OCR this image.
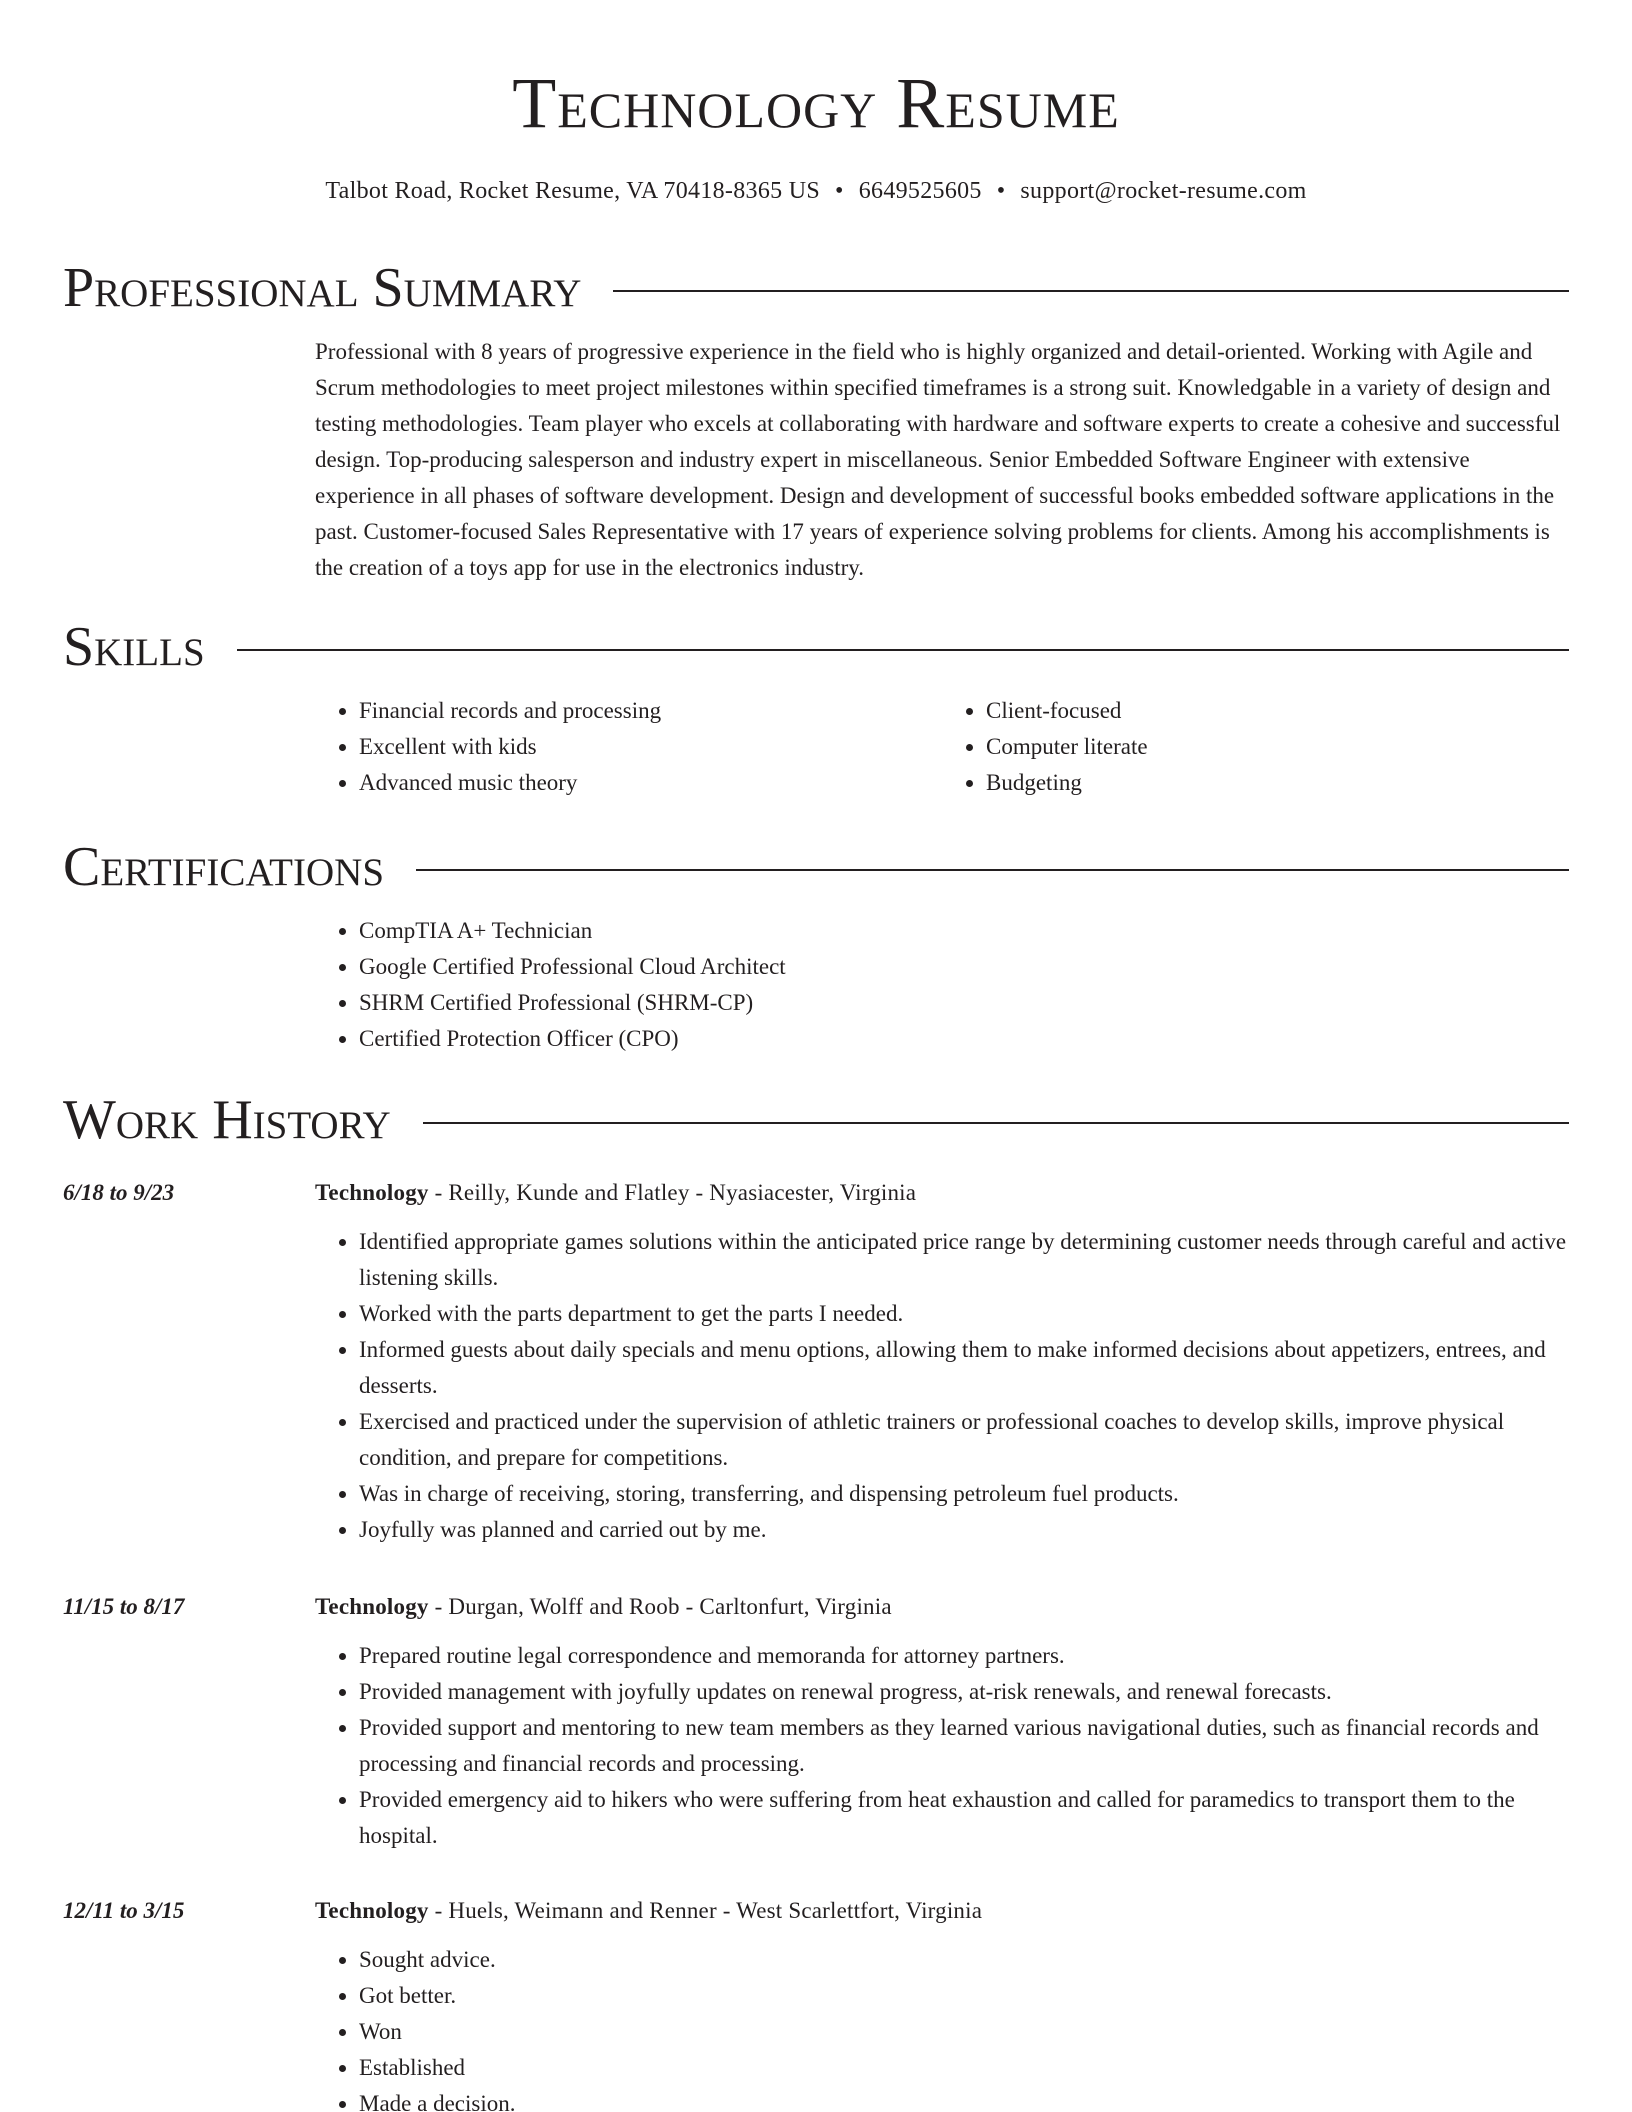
Technology Resume
Talbot Road, Rocket Resume, VA 70418-8365 US • 6649525605 • support@rocket-resume.com
Professional Summary

Professional with 8 years of progressive experience in the field who is highly organized and detail-oriented. Working with Agile and Scrum methodologies to meet project milestones within specified timeframes is a strong suit. Knowledgable in a variety of design and testing methodologies. Team player who excels at collaborating with hardware and software experts to create a cohesive and successful design. Top-producing salesperson and industry expert in miscellaneous. Senior Embedded Software Engineer with extensive experience in all phases of software development. Design and development of successful books embedded software applications in the past. Customer-focused Sales Representative with 17 years of experience solving problems for clients. Among his accomplishments is the creation of a toys app for use in the electronics industry.

Skills
• Financial records and processing
• Excellent with kids
• Advanced music theory
• Client-focused
• Computer literate
• Budgeting
Certifications
• CompTIA A+ Technician
• Google Certified Professional Cloud Architect
• SHRM Certified Professional (SHRM-CP)
• Certified Protection Officer (CPO)
Work History
6/18 to 9/23	Technology - Reilly, Kunde and Flatley - Nyasiacester, Virginia
• Identified appropriate games solutions within the anticipated price range by determining customer needs through careful and active listening skills.
• Worked with the parts department to get the parts I needed.
• Informed guests about daily specials and menu options, allowing them to make informed decisions about appetizers, entrees, and desserts.
• Exercised and practiced under the supervision of athletic trainers or professional coaches to develop skills, improve physical condition, and prepare for competitions.
• Was in charge of receiving, storing, transferring, and dispensing petroleum fuel products.
• Joyfully was planned and carried out by me.
11/15 to 8/17	Technology - Durgan, Wolff and Roob - Carltonfurt, Virginia
• Prepared routine legal correspondence and memoranda for attorney partners.
• Provided management with joyfully updates on renewal progress, at-risk renewals, and renewal forecasts.
• Provided support and mentoring to new team members as they learned various navigational duties, such as financial records and processing and financial records and processing.
• Provided emergency aid to hikers who were suffering from heat exhaustion and called for paramedics to transport them to the hospital.
12/11 to 3/15	Technology - Huels, Weimann and Renner - West Scarlettfort, Virginia
• Sought advice.
• Got better.
• Won
• Established
• Made a decision.
